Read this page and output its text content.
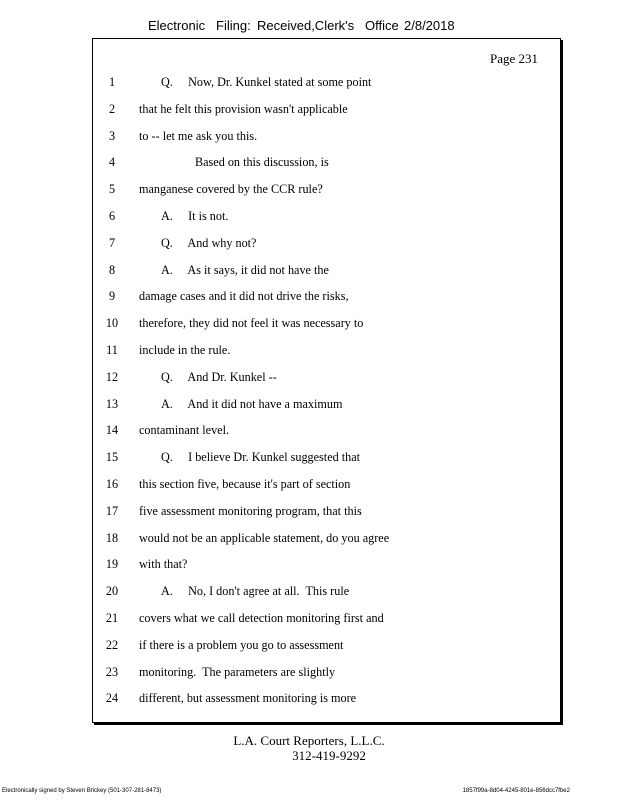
Electronic Filing: Received,Clerk's Office 2/8/2018
Page 231
1	Q.     Now, Dr. Kunkel stated at some point
2	that he felt this provision wasn't applicable
3	to -- let me ask you this.
4	Based on this discussion, is
5	manganese covered by the CCR rule?
6	A.     It is not.
7	Q.     And why not?
8	A.     As it says, it did not have the
9	damage cases and it did not drive the risks,
10	therefore, they did not feel it was necessary to
11	include in the rule.
12	Q.     And Dr. Kunkel --
13	A.     And it did not have a maximum
14	contaminant level.
15	Q.     I believe Dr. Kunkel suggested that
16	this section five, because it's part of section
17	five assessment monitoring program, that this
18	would not be an applicable statement, do you agree
19	with that?
20	A.     No, I don't agree at all.  This rule
21	covers what we call detection monitoring first and
22	if there is a problem you go to assessment
23	monitoring.  The parameters are slightly
24	different, but assessment monitoring is more
L.A. Court Reporters, L.L.C.
312-419-9292
Electronically signed by Steven Brickey (501-307-281-8473)	1857f99a-8d04-4245-801e-856dcc7fbe2
